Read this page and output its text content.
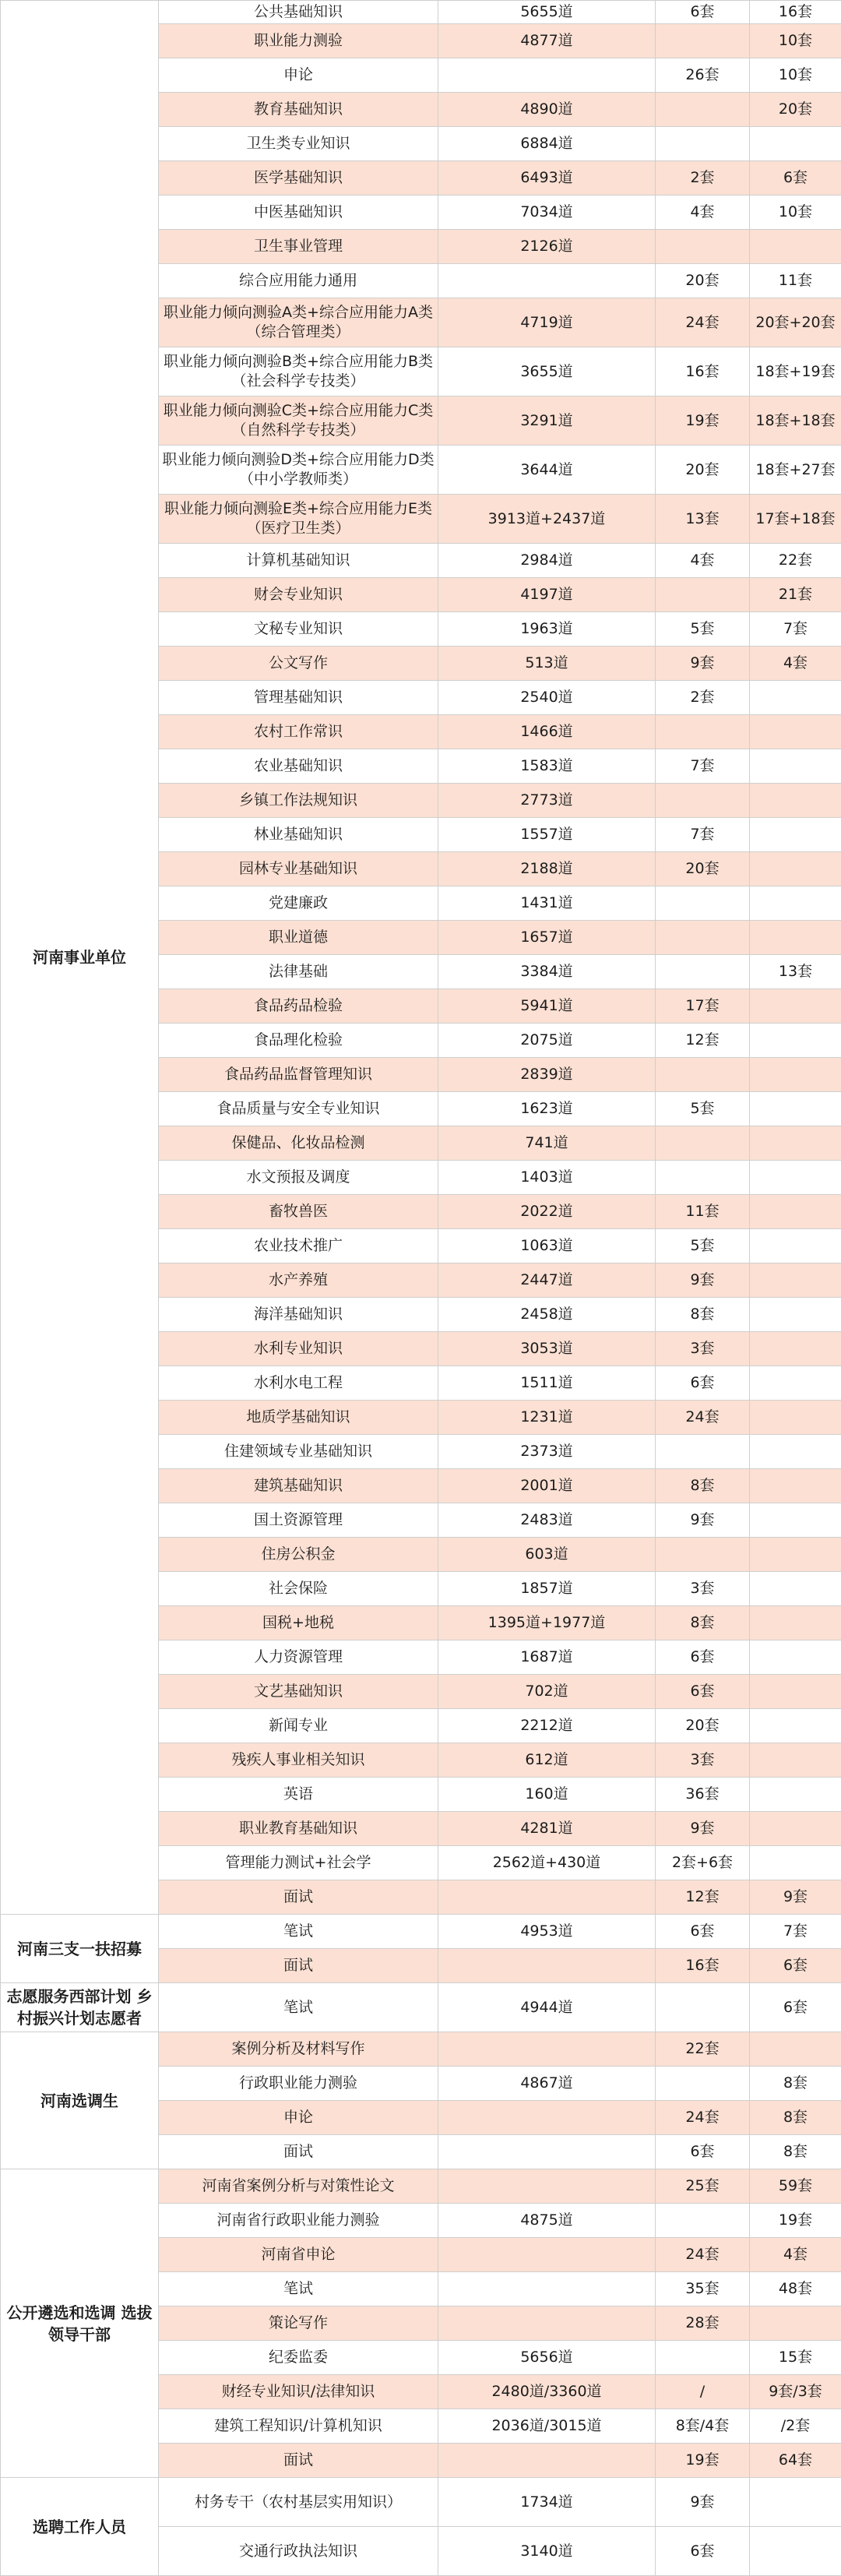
河南事业单位	公共基础知识	5655道	6套	16套
	职业能力测验	4877道		10套
	申论		26套	10套
	教育基础知识	4890道		20套
	卫生类专业知识	6884道		
	医学基础知识	6493道	2套	6套
	中医基础知识	7034道	4套	10套
	卫生事业管理	2126道		
	综合应用能力通用		20套	11套
	职业能力倾向测验A类+综合应用能力A类（综合管理类）	4719道	24套	20套+20套
	职业能力倾向测验B类+综合应用能力B类（社会科学专技类）	3655道	16套	18套+19套
	职业能力倾向测验C类+综合应用能力C类（自然科学专技类）	3291道	19套	18套+18套
	职业能力倾向测验D类+综合应用能力D类（中小学教师类）	3644道	20套	18套+27套
	职业能力倾向测验E类+综合应用能力E类（医疗卫生类）	3913道+2437道	13套	17套+18套
	计算机基础知识	2984道	4套	22套
	财会专业知识	4197道		21套
	文秘专业知识	1963道	5套	7套
	公文写作	513道	9套	4套
	管理基础知识	2540道	2套	
	农村工作常识	1466道		
	农业基础知识	1583道	7套	
	乡镇工作法规知识	2773道		
	林业基础知识	1557道	7套	
	园林专业基础知识	2188道	20套	
	党建廉政	1431道		
	职业道德	1657道		
	法律基础	3384道		13套
	食品药品检验	5941道	17套	
	食品理化检验	2075道	12套	
	食品药品监督管理知识	2839道		
	食品质量与安全专业知识	1623道	5套	
	保健品、化妆品检测	741道		
	水文预报及调度	1403道		
	畜牧兽医	2022道	11套	
	农业技术推广	1063道	5套	
	水产养殖	2447道	9套	
	海洋基础知识	2458道	8套	
	水利专业知识	3053道	3套	
	水利水电工程	1511道	6套	
	地质学基础知识	1231道	24套	
	住建领域专业基础知识	2373道		
	建筑基础知识	2001道	8套	
	国土资源管理	2483道	9套	
	住房公积金	603道		
	社会保险	1857道	3套	
	国税+地税	1395道+1977道	8套	
	人力资源管理	1687道	6套	
	文艺基础知识	702道	6套	
	新闻专业	2212道	20套	
	残疾人事业相关知识	612道	3套	
	英语	160道	36套	
	职业教育基础知识	4281道	9套	
	管理能力测试+社会学	2562道+430道	2套+6套	
	面试		12套	9套
河南三支一扶招募	笔试	4953道	6套	7套
	面试		16套	6套
志愿服务西部计划 乡村振兴计划志愿者	笔试	4944道		6套
河南选调生	案例分析及材料写作		22套	
	行政职业能力测验	4867道		8套
	申论		24套	8套
	面试		6套	8套
公开遴选和选调 选拔领导干部	河南省案例分析与对策性论文		25套	59套
	河南省行政职业能力测验	4875道		19套
	河南省申论		24套	4套
	笔试		35套	48套
	策论写作		28套	
	纪委监委	5656道		15套
	财经专业知识/法律知识	2480道/3360道	/	9套/3套
	建筑工程知识/计算机知识	2036道/3015道	8套/4套	/2套
	面试		19套	64套
选聘工作人员	村务专干（农村基层实用知识）	1734道	9套	
	交通行政执法知识	3140道	6套	
